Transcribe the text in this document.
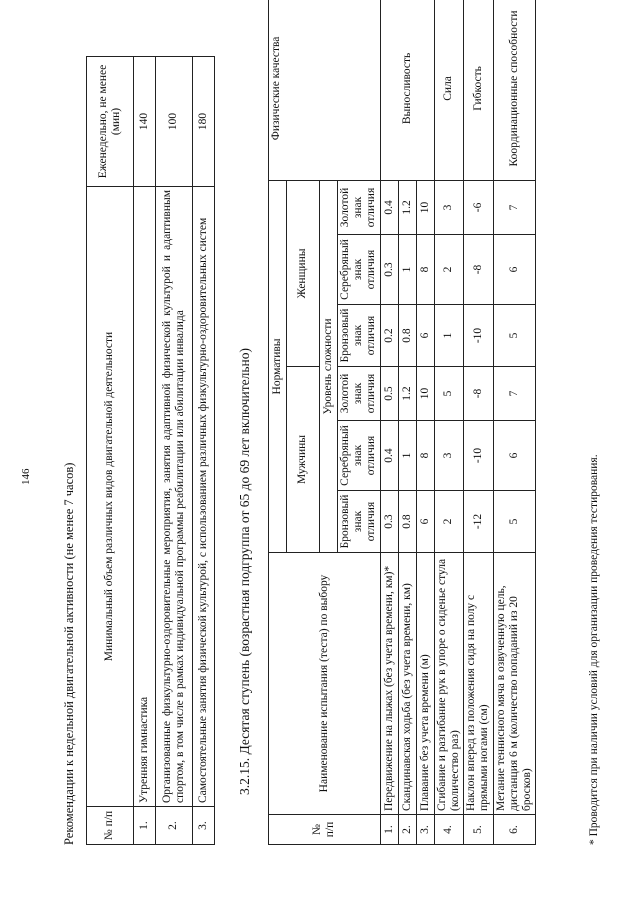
146 Рекомендации к недельной двигательной активности (не менее 7 часов) № п/п	Минимальный объем различных видов двигательной деятельности	Еженедельно, не менее (мин)
1.	Утренняя гимнастика	140
2.	Организованные физкультурно-оздоровительные мероприятия, занятия адаптивной физической культурой и адаптивным спортом, в том числе в рамках индивидуальной программы реабилитации или абилитации инвалида	100
3.	Самостоятельные занятия физической культурой, с использованием различных физкультурно-оздоровительных систем	180
3.2.15. Десятая ступень (возрастная подгруппа от 65 до 69 лет включительно)
№ п/п	Наименование испытания (теста) по выбору	Нормативы						Физические качества
		Мужчины			Женщины			
		Уровень сложности						
		Бронзовый знак отличия	Серебряный знак отличия	Золотой знак отличия	Бронзовый знак отличия	Серебряный знак отличия	Золотой знак отличия	
1.	Передвижение на лыжах (без учета времени, км)*	0.3	0.4	0.5	0.2	0.3	0.4	Выносливость
2.	Скандинавская ходьба (без учета времени, км)	0.8	1	1.2	0.8	1	1.2	
3.	Плавание без учета времени (м)	6	8	10	6	8	10	
4.	Сгибание и разгибание рук в упоре о сиденье стула (количество раз)	2	3	5	1	2	3	Сила
5.	Наклон вперед из положения сидя на полу с прямыми ногами (см)	-12	-10	-8	-10	-8	-6	Гибкость
6.	Метание теннисного мяча в озвученную цель, дистанция 6 м (количество попаданий из 20 бросков)	5	6	7	5	6	7	Координационные способности
* Проводится при наличии условий для организации проведения тестирования.
